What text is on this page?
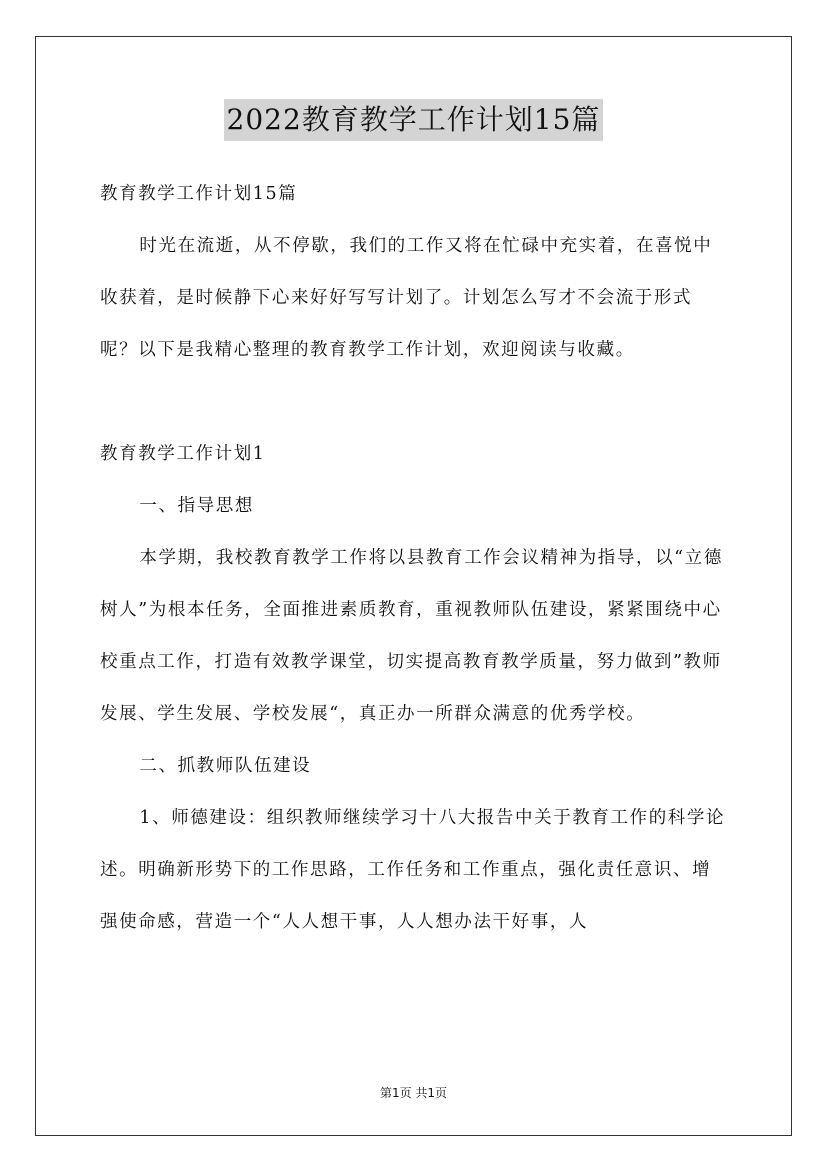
2022教育教学工作计划15篇

教育教学工作计划15篇

时光在流逝，从不停歇，我们的工作又将在忙碌中充实着，在喜悦中收获着，是时候静下心来好好写写计划了。计划怎么写才不会流于形式呢？以下是我精心整理的教育教学工作计划，欢迎阅读与收藏。

教育教学工作计划1

一、指导思想

本学期，我校教育教学工作将以县教育工作会议精神为指导，以“立德树人”为根本任务，全面推进素质教育，重视教师队伍建设，紧紧围绕中心校重点工作，打造有效教学课堂，切实提高教育教学质量，努力做到”教师发展、学生发展、学校发展“，真正办一所群众满意的优秀学校。

二、抓教师队伍建设

1、师德建设：组织教师继续学习十八大报告中关于教育工作的科学论述。明确新形势下的工作思路，工作任务和工作重点，强化责任意识、增强使命感，营造一个“人人想干事，人人想办法干好事，人

第1页 共1页
